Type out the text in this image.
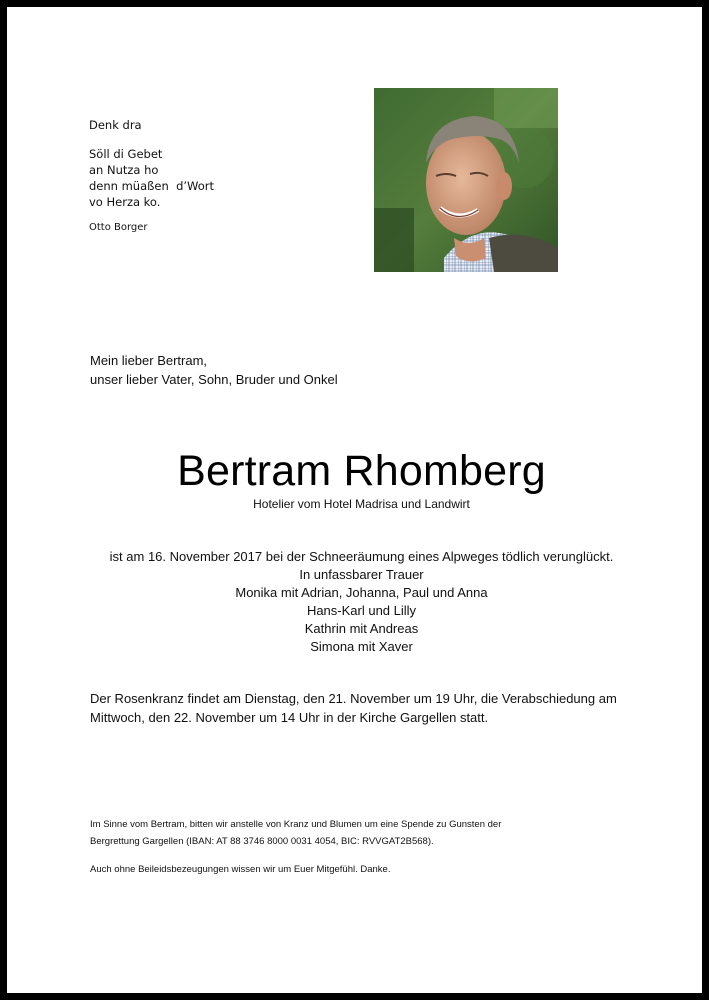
Denk dra
Söll di Gebet
an Nutza ho
denn müaßen  d’Wort
vo Herza ko.
Otto Borger
Mein lieber Bertram,
unser lieber Vater, Sohn, Bruder und Onkel
Bertram Rhomberg
Hotelier vom Hotel Madrisa und Landwirt
ist am 16. November 2017 bei der Schneeräumung eines Alpweges tödlich verunglückt.
In unfassbarer Trauer
Monika mit Adrian, Johanna, Paul und Anna
Hans-Karl und Lilly
Kathrin mit Andreas
Simona mit Xaver
Der Rosenkranz findet am Dienstag, den 21. November um 19 Uhr, die Verabschiedung am
Mittwoch, den 22. November um 14 Uhr in der Kirche Gargellen statt.
Im Sinne vom Bertram, bitten wir anstelle von Kranz und Blumen um eine Spende zu Gunsten der
Bergrettung Gargellen (IBAN: AT 88 3746 8000 0031 4054, BIC: RVVGAT2B568).
Auch ohne Beileidsbezeugungen wissen wir um Euer Mitgefühl. Danke.
